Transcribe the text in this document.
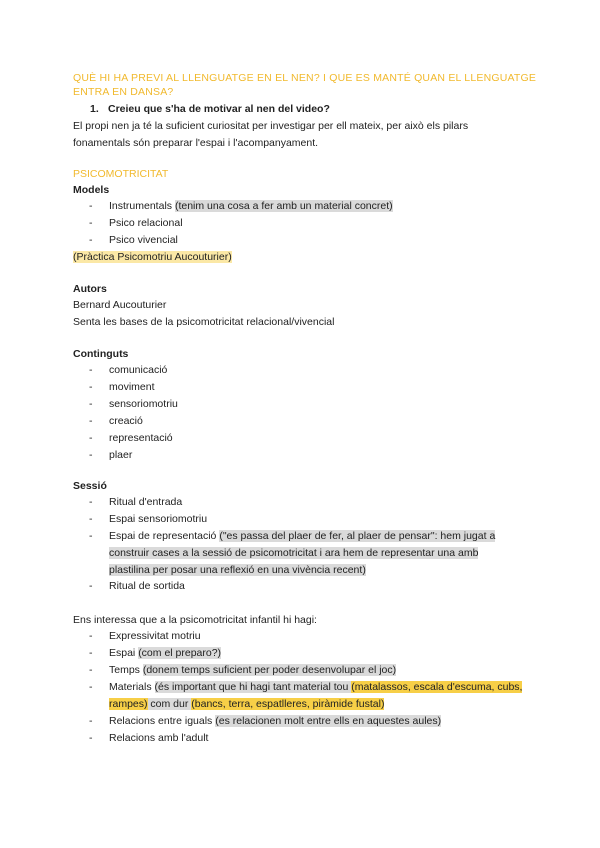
QUÈ HI HA PREVI AL LLENGUATGE EN EL NEN? I QUE ES MANTÉ QUAN EL LLENGUATGE ENTRA EN DANSA?
1. Creieu que s'ha de motivar al nen del video?
El propi nen ja té la suficient curiositat per investigar per ell mateix, per això els pilars
fonamentals són preparar l'espai i l'acompanyament.
PSICOMOTRICITAT
Models
- Instrumentals (tenim una cosa a fer amb un material concret)
- Psico relacional
- Psico vivencial
(Pràctica Psicomotriu Aucouturier)
Autors
Bernard Aucouturier
Senta les bases de la psicomotricitat relacional/vivencial
Continguts
- comunicació
- moviment
- sensoriomotriu
- creació
- representació
- plaer
Sessió
- Ritual d'entrada
- Espai sensoriomotriu
- Espai de representació ("es passa del plaer de fer, al plaer de pensar": hem jugat a
construir cases a la sessió de psicomotricitat i ara hem de representar una amb
plastilina per posar una reflexió en una vivència recent)
- Ritual de sortida
Ens interessa que a la psicomotricitat infantil hi hagi:
- Expressivitat motriu
- Espai (com el preparo?)
- Temps (donem temps suficient per poder desenvolupar el joc)
- Materials (és important que hi hagi tant material tou (matalassos, escala d'escuma, cubs,
rampes) com dur (bancs, terra, espatlleres, piràmide fustal)
- Relacions entre iguals (es relacionen molt entre ells en aquestes aules)
- Relacions amb l'adult
